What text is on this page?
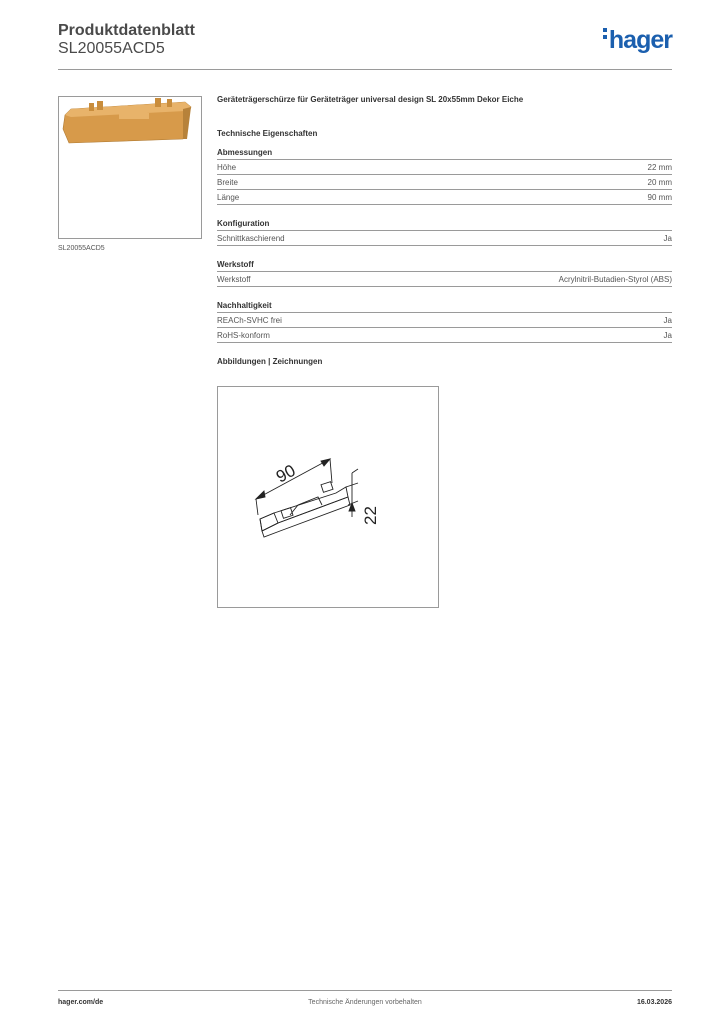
Produktdatenblatt
SL20055ACD5	hager
SL20055ACD5
Geräteträgerschürze für Geräteträger universal design SL 20x55mm Dekor Eiche
Technische Eigenschaften
Abmessungen
Höhe	22 mm
Breite	20 mm
Länge	90 mm
Konfiguration
Schnittkaschierend	Ja
Werkstoff
Werkstoff	Acrylnitril-Butadien-Styrol (ABS)
Nachhaltigkeit
REACh-SVHC frei	Ja
RoHS-konform	Ja
Abbildungen | Zeichnungen
90
22
hager.com/de	Technische Änderungen vorbehalten	16.03.2026
